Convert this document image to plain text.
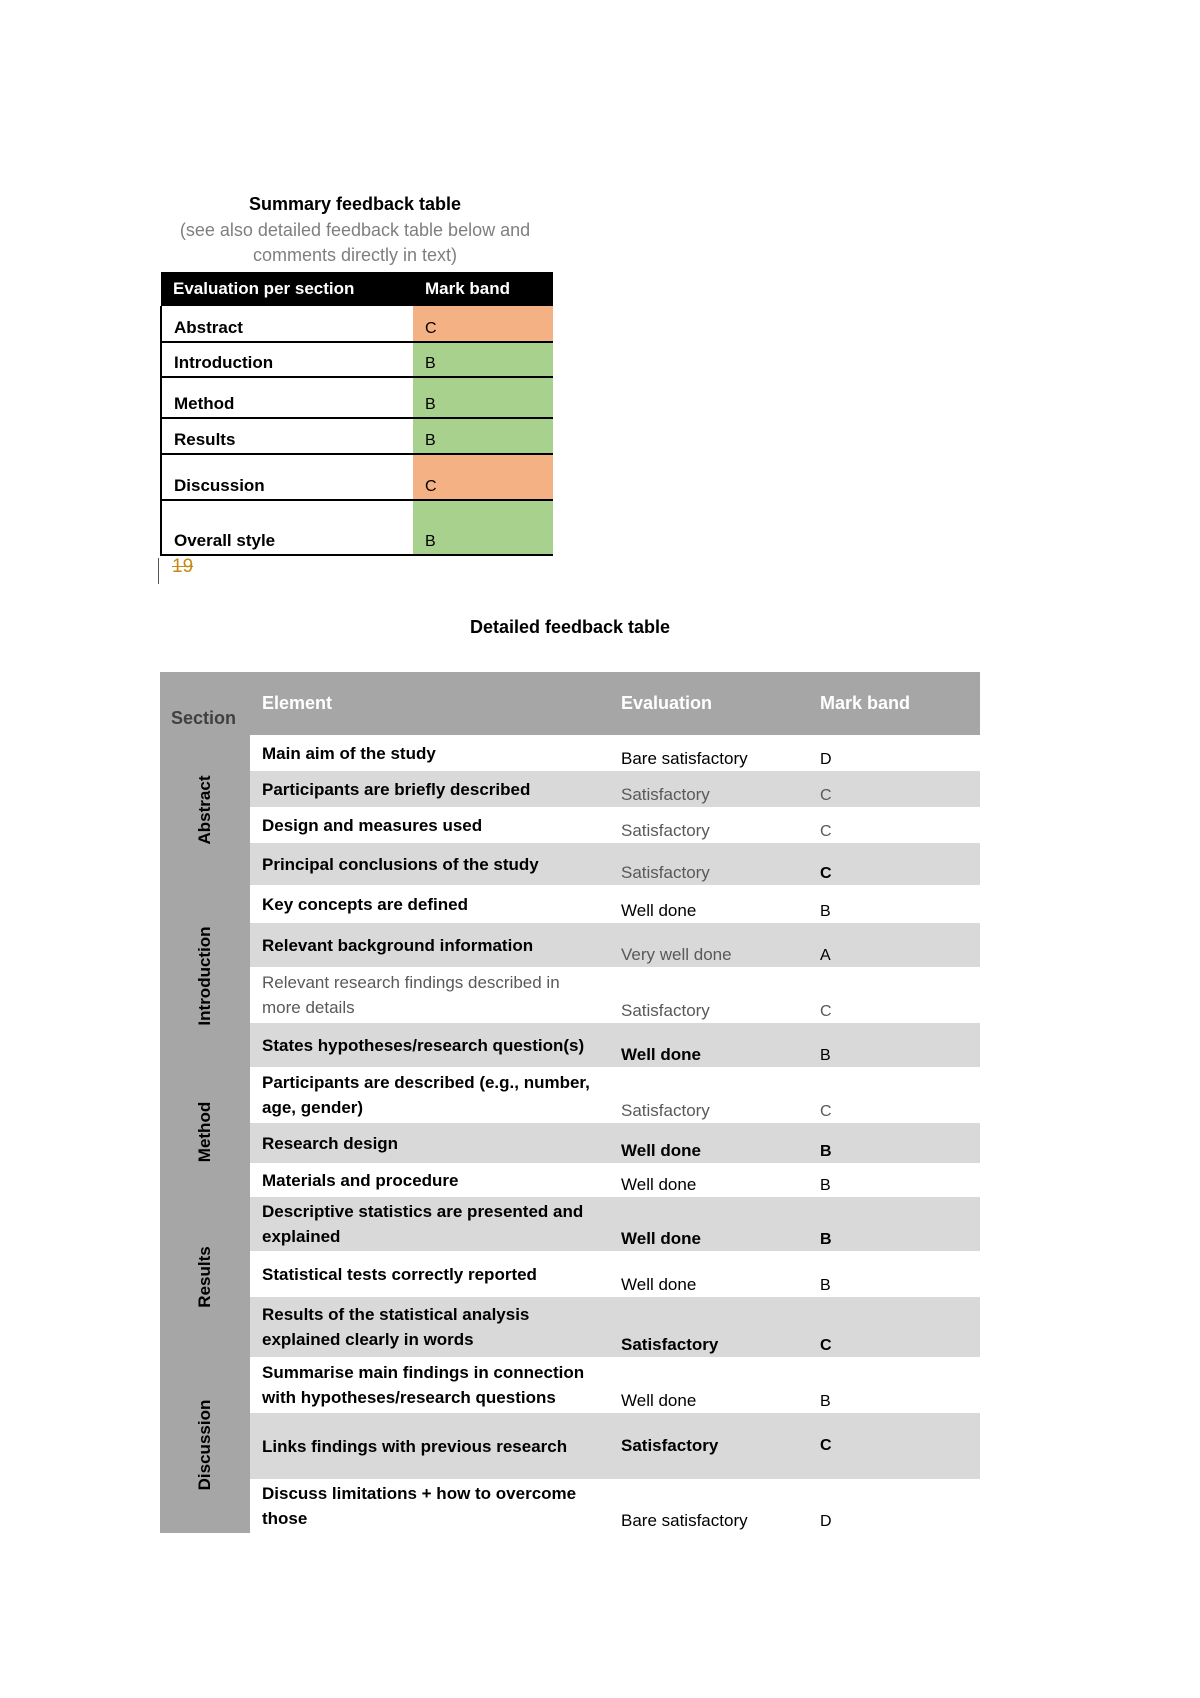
Summary feedback table
(see also detailed feedback table below and comments directly in text)
Evaluation per section	Mark band
Abstract	C
Introduction	B
Method	B
Results	B
Discussion	C
Overall style	B
19
Detailed feedback table
Section	Element	Evaluation	Mark band

Abstract	Main aim of the study	Bare satisfactory	D
	Participants are briefly described	Satisfactory	C
	Design and measures used	Satisfactory	C
	Principal conclusions of the study	Satisfactory	C

Introduction	Key concepts are defined	Well done	B
	Relevant background information	Very well done	A
	Relevant research findings described in more details	Satisfactory	C
	States hypotheses/research question(s)	Well done	B

Method	Participants are described (e.g., number, age, gender)	Satisfactory	C
	Research design	Well done	B
	Materials and procedure	Well done	B

Results	Descriptive statistics are presented and explained	Well done	B
	Statistical tests correctly reported	Well done	B
	Results of the statistical analysis explained clearly in words	Satisfactory	C

Discussion	Summarise main findings in connection with hypotheses/research questions	Well done	B
	Links findings with previous research	Satisfactory	C
	Discuss limitations + how to overcome those	Bare satisfactory	D
